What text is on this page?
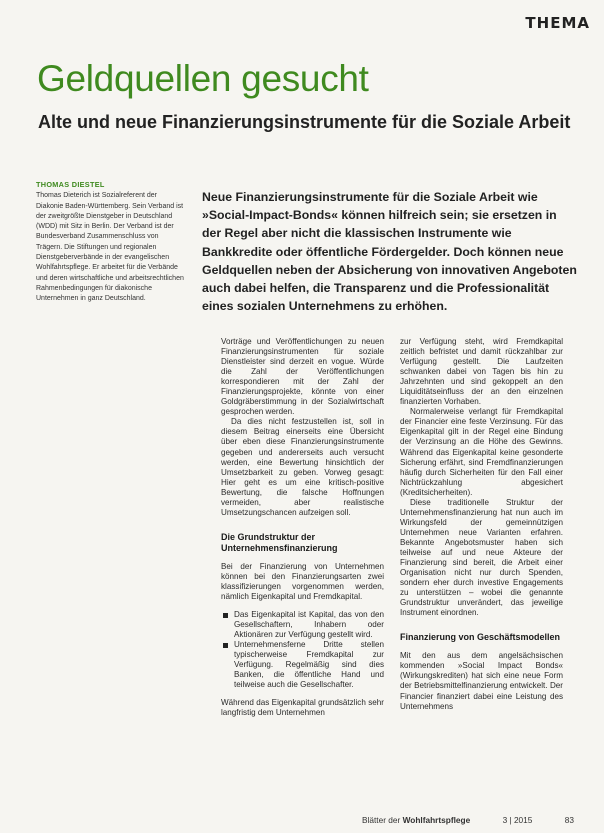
THEMA
Geldquellen gesucht
Alte und neue Finanzierungsinstrumente für die Soziale Arbeit
THOMAS DIESTEL
Thomas Dieterich ist Sozialreferent der Diakonie Baden-Württemberg. Sein Verband ist der zweitgrößte Dienstgeber in Deutschland (WDD) mit Sitz in Berlin. Der Verband ist der Bundesverband Zusammenschluss von Trägern. Die Stiftungen und regionalen Dienstgeberverbände in der evangelischen Wohlfahrtspflege. Er arbeitet für die Verbände und deren wirtschaftliche und arbeitsrechtlichen Rahmenbedingungen für diakonische Unternehmen in ganz Deutschland.
Neue Finanzierungsinstrumente für die Soziale Arbeit wie »Social-Impact-Bonds« können hilfreich sein; sie ersetzen in der Regel aber nicht die klassischen Instrumente wie Bankkredite oder öffentliche Fördergelder. Doch können neue Geldquellen neben der Absicherung von innovativen Angeboten auch dabei helfen, die Transparenz und die Professionalität eines sozialen Unternehmens zu erhöhen.

Vorträge und Veröffentlichungen zu neuen Finanzierungsinstrumenten für soziale Dienstleister sind derzeit en vogue. Würde die Zahl der Veröffentlichungen korrespondieren mit der Zahl der Finanzierungsprojekte, könnte von einer Goldgräberstimmung in der Sozialwirtschaft gesprochen werden.

Da dies nicht festzustellen ist, soll in diesem Beitrag einerseits eine Übersicht über eben diese Finanzierungsinstrumente gegeben und andererseits auch versucht werden, eine Bewertung hinsichtlich der Umsetzbarkeit zu geben. Vorweg gesagt: Hier geht es um eine kritisch-positive Bewertung, die falsche Hoffnungen vermeiden, aber realistische Umsetzungschancen aufzeigen soll.

Die Grundstruktur der Unternehmensfinanzierung

Bei der Finanzierung von Unternehmen können bei den Finanzierungsarten zwei klassifizierungen vorgenommen werden, nämlich Eigenkapital und Fremdkapital.

Das Eigenkapital ist Kapital, das von den Gesellschaftern, Inhabern oder Aktionären zur Verfügung gestellt wird.
Unternehmensferne Dritte stellen typischerweise Fremdkapital zur Verfügung. Regelmäßig sind dies Banken, die öffentliche Hand und teilweise auch die Gesellschafter.

Während das Eigenkapital grundsätzlich sehr langfristig dem Unternehmen

zur Verfügung steht, wird Fremdkapital zeitlich befristet und damit rückzahlbar zur Verfügung gestellt. Die Laufzeiten schwanken dabei von Tagen bis hin zu Jahrzehnten und sind gekoppelt an den Liquiditätseinfluss der an den einzelnen finanzierten Vorhaben.

Normalerweise verlangt für Fremdkapital der Financier eine feste Verzinsung. Für das Eigenkapital gilt in der Regel eine Bindung der Verzinsung an die Höhe des Gewinns. Während das Eigenkapital keine gesonderte Sicherung erfährt, sind Fremdfinanzierungen häufig durch Sicherheiten für den Fall einer Nichtrückzahlung abgesichert (Kreditsicherheiten).

Diese traditionelle Struktur der Unternehmensfinanzierung hat nun auch im Wirkungsfeld der gemeinnützigen Unternehmen neue Varianten erfahren. Bekannte Angebotsmuster haben sich teilweise auf und neue Akteure der Finanzierung sind bereit, die Arbeit einer Organisation nicht nur durch Spenden, sondern eher durch investive Engagements zu unterstützen – wobei die genannte Grundstruktur unverändert, das jeweilige Instrument einordnen.

Finanzierung von Geschäftsmodellen

Mit den aus dem angelsächsischen kommenden »Social Impact Bonds« (Wirkungskrediten) hat sich eine neue Form der Betriebsmittelfinanzierung entwickelt. Der Financier finanziert dabei eine Leistung des Unternehmens

Blätter der Wohlfahrtspflege	3 | 2015	83
